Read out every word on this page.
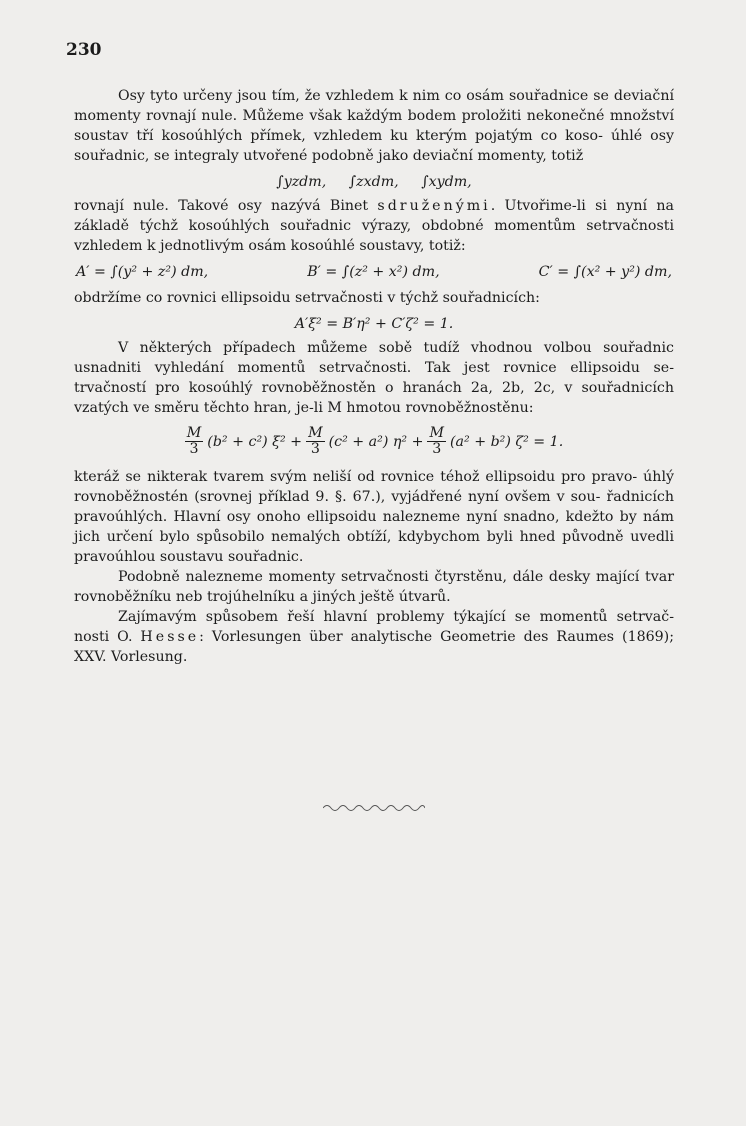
230

Osy tyto určeny jsou tím, že vzhledem k nim co osám souřadnice se deviační momenty rovnají nule. Můžeme však každým bodem proložiti nekonečné množství soustav tří kosoúhlých přímek, vzhledem ku kterým pojatým co koso- úhlé osy souřadnic, se integraly utvořené podobně jako deviační momenty, totiž

∫yzdm,     ∫zxdm,     ∫xydm,

rovnají nule. Takové osy nazývá Binet sdruženými. Utvořime-li si nyní na základě týchž kosoúhlých souřadnic výrazy, obdobné momentům setrvačnosti vzhledem k jednotlivým osám kosoúhlé soustavy, totiž:

A′ = ∫(y² + z²) dm,	B′ = ∫(z² + x²) dm,	C′ = ∫(x² + y²) dm,

obdržíme co rovnici ellipsoidu setrvačnosti v týchž souřadnicích:

A′ξ² = B′η² + C′ζ² = 1.

V některých případech můžeme sobě tudíž vhodnou volbou souřadnic usnadniti vyhledání momentů setrvačnosti. Tak jest rovnice ellipsoidu se- trvačností pro kosoúhlý rovnoběžnostěn o hranách 2a, 2b, 2c, v souřadnicích vzatých ve směru těchto hran, je-li M hmotou rovnoběžnostěnu:

$\frac{M}{3} (b^2 + c^2) \xi^2 + \frac{M}{3} (c^2 + a^2) \eta^2 + \frac{M}{3} (a^2 + b^2) \zeta^2 = 1$.

kteráž se nikterak tvarem svým neliší od rovnice téhož ellipsoidu pro pravo- úhlý rovnoběžnostén (srovnej příklad 9. §. 67.), vyjádřené nyní ovšem v sou- řadnicích pravoúhlých. Hlavní osy onoho ellipsoidu nalezneme nyní snadno, kdežto by nám jich určení bylo spůsobilo nemalých obtíží, kdybychom byli hned původně uvedli pravoúhlou soustavu souřadnic.

Podobně nalezneme momenty setrvačnosti čtyrstěnu, dále desky mající tvar rovnoběžníku neb trojúhelníku a jiných ještě útvarů.

Zajímavým spůsobem řeší hlavní problemy týkající se momentů setrvač- nosti O. Hesse: Vorlesungen über analytische Geometrie des Raumes (1869); XXV. Vorlesung.
